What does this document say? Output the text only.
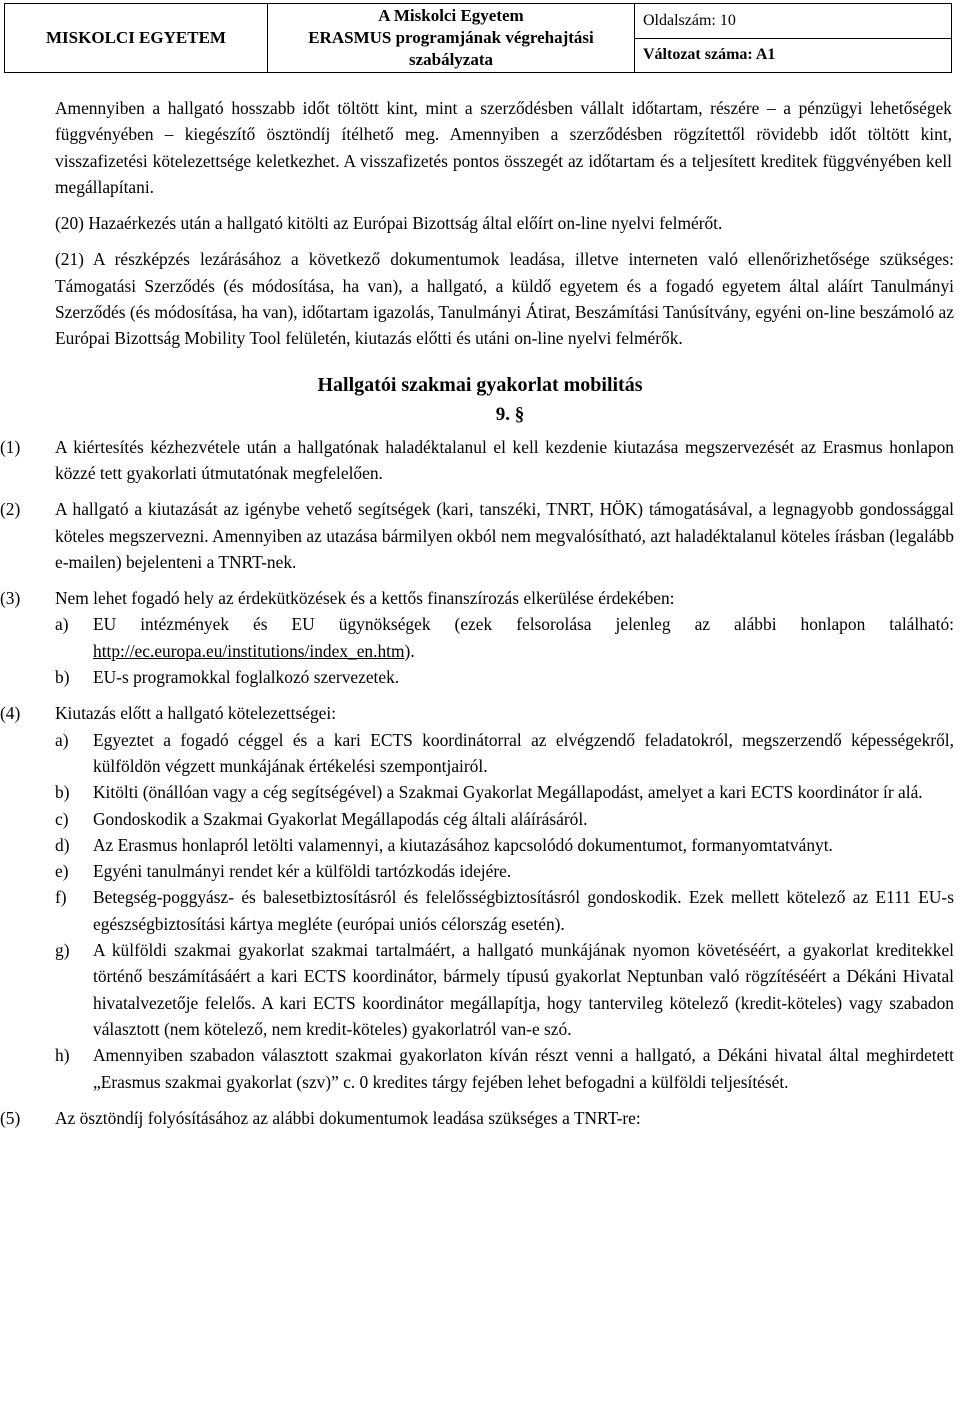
MISKOLCI EGYETEM
A Miskolci Egyetem
ERASMUS programjának végrehajtási
szabályzata
Oldalszám: 10
Változat száma: A1

Amennyiben a hallgató hosszabb időt töltött kint, mint a szerződésben vállalt időtartam, részére – a pénzügyi lehetőségek függvényében – kiegészítő ösztöndíj ítélhető meg. Amennyiben a szerződésben rögzítettől rövidebb időt töltött kint, visszafizetési kötelezettsége keletkezhet. A visszafizetés pontos összegét az időtartam és a teljesített kreditek függvényében kell megállapítani.

(20) Hazaérkezés után a hallgató kitölti az Európai Bizottság által előírt on-line nyelvi felmérőt.

(21) A részképzés lezárásához a következő dokumentumok leadása, illetve interneten való ellenőrizhetősége szükséges: Támogatási Szerződés (és módosítása, ha van), a hallgató, a küldő egyetem és a fogadó egyetem által aláírt Tanulmányi Szerződés (és módosítása, ha van), időtartam igazolás, Tanulmányi Átirat, Beszámítási Tanúsítvány, egyéni on-line beszámoló az Európai Bizottság Mobility Tool felületén, kiutazás előtti és utáni on-line nyelvi felmérők.

Hallgatói szakmai gyakorlat mobilitás
9. §
(1)	A kiértesítés kézhezvétele után a hallgatónak haladéktalanul el kell kezdenie kiutazása megszervezését az Erasmus honlapon közzé tett gyakorlati útmutatónak megfelelően.
(2)	A hallgató a kiutazását az igénybe vehető segítségek (kari, tanszéki, TNRT, HÖK) támogatásával, a legnagyobb gondossággal köteles megszervezni. Amennyiben az utazása bármilyen okból nem megvalósítható, azt haladéktalanul köteles írásban (legalább e-mailen) bejelenteni a TNRT-nek.
(3)	Nem lehet fogadó hely az érdekütközések és a kettős finanszírozás elkerülése érdekében:
a)	EU intézmények és EU ügynökségek (ezek felsorolása jelenleg az alábbi honlapon található: http://ec.europa.eu/institutions/index_en.htm).
b)	EU-s programokkal foglalkozó szervezetek.
(4)	Kiutazás előtt a hallgató kötelezettségei:
a)	Egyeztet a fogadó céggel és a kari ECTS koordinátorral az elvégzendő feladatokról, megszerzendő képességekről, külföldön végzett munkájának értékelési szempontjairól.
b)	Kitölti (önállóan vagy a cég segítségével) a Szakmai Gyakorlat Megállapodást, amelyet a kari ECTS koordinátor ír alá.
c)	Gondoskodik a Szakmai Gyakorlat Megállapodás cég általi aláírásáról.
d)	Az Erasmus honlapról letölti valamennyi, a kiutazásához kapcsolódó dokumentumot, formanyomtatványt.
e)	Egyéni tanulmányi rendet kér a külföldi tartózkodás idejére.
f)	Betegség-poggyász- és balesetbiztosításról és felelősségbiztosításról gondoskodik. Ezek mellett kötelező az E111 EU-s egészségbiztosítási kártya megléte (európai uniós célország esetén).
g)	A külföldi szakmai gyakorlat szakmai tartalmáért, a hallgató munkájának nyomon követéséért, a gyakorlat kreditekkel történő beszámításáért a kari ECTS koordinátor, bármely típusú gyakorlat Neptunban való rögzítéséért a Dékáni Hivatal hivatalvezetője felelős. A kari ECTS koordinátor megállapítja, hogy tantervileg kötelező (kredit-köteles) vagy szabadon választott (nem kötelező, nem kredit-köteles) gyakorlatról van-e szó.
h)	Amennyiben szabadon választott szakmai gyakorlaton kíván részt venni a hallgató, a Dékáni hivatal által meghirdetett „Erasmus szakmai gyakorlat (szv)” c. 0 kredites tárgy fejében lehet befogadni a külföldi teljesítését.
(5)	Az ösztöndíj folyósításához az alábbi dokumentumok leadása szükséges a TNRT-re:
